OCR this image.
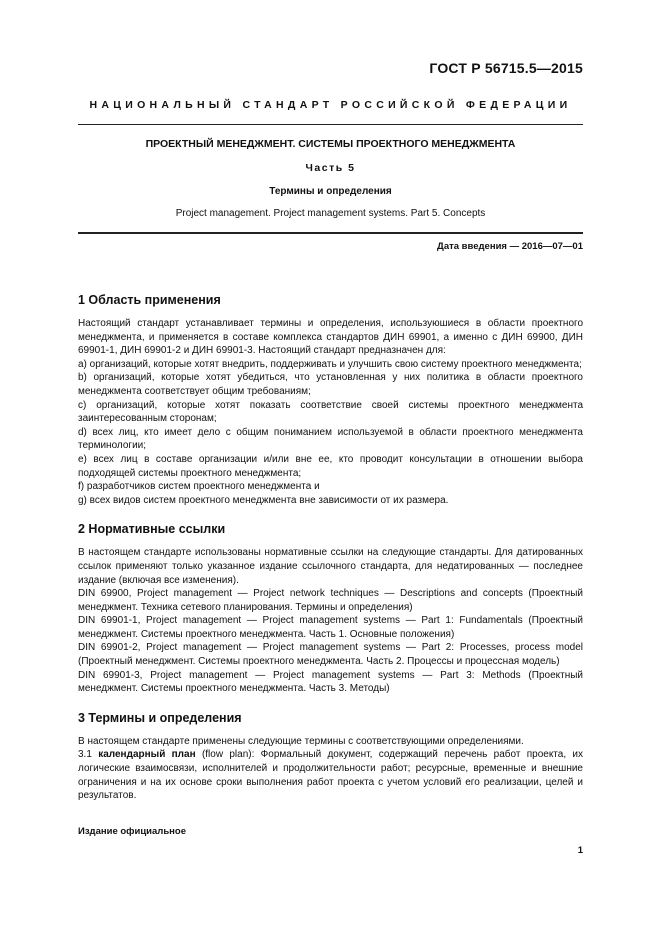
ГОСТ Р 56715.5—2015
НАЦИОНАЛЬНЫЙ СТАНДАРТ РОССИЙСКОЙ ФЕДЕРАЦИИ
ПРОЕКТНЫЙ МЕНЕДЖМЕНТ. СИСТЕМЫ ПРОЕКТНОГО МЕНЕДЖМЕНТА
Часть 5
Термины и определения
Project management. Project management systems. Part 5. Concepts
Дата введения — 2016—07—01
1 Область применения

Настоящий стандарт устанавливает термины и определения, используюшиеся в области проектного менеджмента, и применяется в составе комплекса стандартов ДИН 69901, а именно с ДИН 69900, ДИН 69901-1, ДИН 69901-2 и ДИН 69901-3. Настоящий стандарт предназначен для:

a) организаций, которые хотят внедрить, поддерживать и улучшить свою систему проектного менеджмента;

b) организаций, которые хотят убедиться, что установленная у них политика в области проектного менеджмента соответствует общим требованиям;

c) организаций, которые хотят показать соответствие своей системы проектного менеджмента заинтересованным сторонам;

d) всех лиц, кто имеет дело с общим пониманием используемой в области проектного менеджмента терминологии;

e) всех лиц в составе организации и/или вне ее, кто проводит консультации в отношении выбора подходящей системы проектного менеджмента;

f) разработчиков систем проектного менеджмента и

g) всех видов систем проектного менеджмента вне зависимости от их размера.

2 Нормативные ссылки

В настоящем стандарте использованы нормативные ссылки на следующие стандарты. Для датированных ссылок применяют только указанное издание ссылочного стандарта, для недатированных — последнее издание (включая все изменения).

DIN 69900, Project management — Project network techniques — Descriptions and concepts (Проектный менеджмент. Техника сетевого планирования. Термины и определения)

DIN 69901-1, Project management — Project management systems — Part 1: Fundamentals (Проектный менеджмент. Системы проектного менеджмента. Часть 1. Основные положения)

DIN 69901-2, Project management — Project management systems — Part 2: Processes, process model (Проектный менеджмент. Системы проектного менеджмента. Часть 2. Процессы и процессная модель)

DIN 69901-3, Project management — Project management systems — Part 3: Methods (Проектный менеджмент. Системы проектного менеджмента. Часть 3. Методы)

3 Термины и определения

В настоящем стандарте применены следующие термины с соответствующими определениями.

3.1 календарный план (flow plan): Формальный документ, содержащий перечень работ проекта, их логические взаимосвязи, исполнителей и продолжительности работ; ресурсные, временные и внешние ограничения и на их основе сроки выполнения работ проекта с учетом условий его реализации, целей и результатов.

Издание официальное
1
